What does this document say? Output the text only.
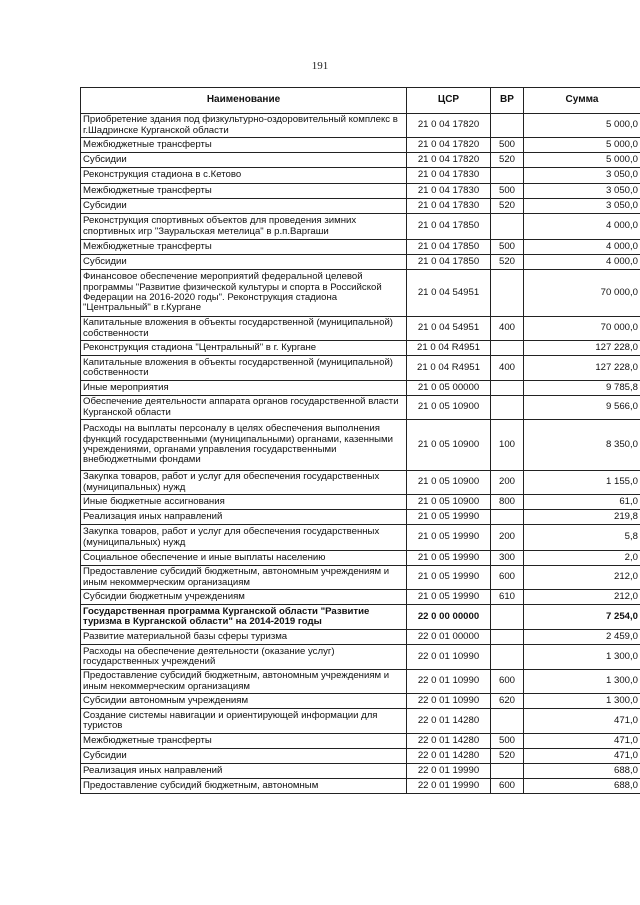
191
Наименование	ЦСР	ВР	Сумма
Приобретение здания под физкультурно-оздоровительный комплекс в г.Шадринске Курганской области	21 0 04 17820		5 000,0
Межбюджетные трансферты	21 0 04 17820	500	5 000,0
Субсидии	21 0 04 17820	520	5 000,0
Реконструкция стадиона в с.Кетово	21 0 04 17830		3 050,0
Межбюджетные трансферты	21 0 04 17830	500	3 050,0
Субсидии	21 0 04 17830	520	3 050,0
Реконструкция спортивных объектов для проведения зимних спортивных игр "Зауральская метелица" в р.п.Варгаши	21 0 04 17850		4 000,0
Межбюджетные трансферты	21 0 04 17850	500	4 000,0
Субсидии	21 0 04 17850	520	4 000,0
Финансовое обеспечение мероприятий федеральной целевой программы "Развитие физической культуры и спорта в Российской Федерации на 2016-2020 годы". Реконструкция стадиона "Центральный" в г.Кургане	21 0 04 54951		70 000,0
Капитальные вложения в объекты государственной (муниципальной) собственности	21 0 04 54951	400	70 000,0
Реконструкция стадиона "Центральный" в г. Кургане	21 0 04 R4951		127 228,0
Капитальные вложения в объекты государственной (муниципальной) собственности	21 0 04 R4951	400	127 228,0
Иные мероприятия	21 0 05 00000		9 785,8
Обеспечение деятельности аппарата органов государственной власти Курганской области	21 0 05 10900		9 566,0
Расходы на выплаты персоналу в целях обеспечения выполнения функций государственными (муниципальными) органами, казенными учреждениями, органами управления государственными внебюджетными фондами	21 0 05 10900	100	8 350,0
Закупка товаров, работ и услуг для обеспечения государственных (муниципальных) нужд	21 0 05 10900	200	1 155,0
Иные бюджетные ассигнования	21 0 05 10900	800	61,0
Реализация иных направлений	21 0 05 19990		219,8
Закупка товаров, работ и услуг для обеспечения государственных (муниципальных) нужд	21 0 05 19990	200	5,8
Социальное обеспечение и иные выплаты населению	21 0 05 19990	300	2,0
Предоставление субсидий бюджетным, автономным учреждениям и иным некоммерческим организациям	21 0 05 19990	600	212,0
Субсидии бюджетным учреждениям	21 0 05 19990	610	212,0
Государственная программа Курганской области "Развитие туризма в Курганской области" на 2014-2019 годы	22 0 00 00000		7 254,0
Развитие материальной базы сферы туризма	22 0 01 00000		2 459,0
Расходы на обеспечение деятельности (оказание услуг) государственных учреждений	22 0 01 10990		1 300,0
Предоставление субсидий бюджетным, автономным учреждениям и иным некоммерческим организациям	22 0 01 10990	600	1 300,0
Субсидии автономным учреждениям	22 0 01 10990	620	1 300,0
Создание системы навигации и ориентирующей информации для туристов	22 0 01 14280		471,0
Межбюджетные трансферты	22 0 01 14280	500	471,0
Субсидии	22 0 01 14280	520	471,0
Реализация иных направлений	22 0 01 19990		688,0
Предоставление субсидий бюджетным, автономным	22 0 01 19990	600	688,0
